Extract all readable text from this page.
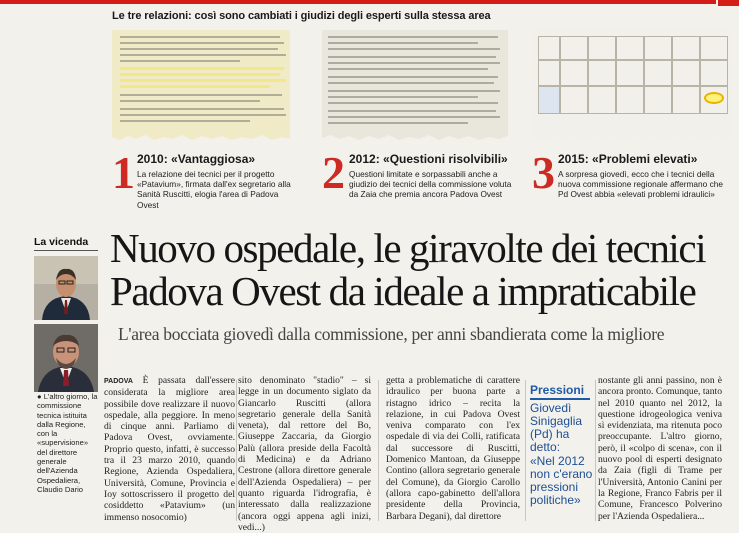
Le tre relazioni: così sono cambiati i giudizi degli esperti sulla stessa area
1 2010: «Vantaggiosa»
La relazione dei tecnici per il progetto «Patavium», firmata dall'ex segretario alla Sanità Ruscitti, elogia l'area di Padova Ovest
2 2012: «Questioni risolvibili»
Questioni limitate e sorpassabili anche a giudizio dei tecnici della commissione voluta da Zaia che premia ancora Padova Ovest 3 2015: «Problemi elevati»
A sorpresa giovedì, ecco che i tecnici della nuova commissione regionale affermano che Pd Ovest abbia «elevati problemi idraulici»
La vicenda
● L'altro giorno, la commissione tecnica istituita dalla Regione, con la «supervisione» del direttore generale dell'Azienda Ospedaliera, Claudio Dario
Nuovo ospedale, le giravolte dei tecnici
Padova Ovest da ideale a impraticabile
L'area bocciata giovedì dalla commissione, per anni sbandierata come la migliore
PADOVA È passata dall'essere considerata la migliore area possibile dove realizzare il nuovo ospedale, alla peggiore. In meno di cinque anni. Parliamo di Padova Ovest, ovviamente. Proprio questo, infatti, è successo tra il 23 marzo 2010, quando Regione, Azienda Ospedaliera, Università, Comune, Provincia e Ioy sottoscrissero il progetto del cosiddetto «Patavium» (un immenso nosocomio)
sito denominato "stadio" – si legge in un documento siglato da Giancarlo Ruscitti (allora segretario generale della Sanità veneta), dal rettore del Bo, Giuseppe Zaccaria, da Giorgio Palù (allora preside della Facoltà di Medicina) e da Adriano Cestrone (allora direttore generale dell'Azienda Ospedaliera) – per quanto riguarda l'idrografia, è interessato dalla realizzazione (ancora oggi appena agli inizi, vedi...)
getta a problematiche di carattere idraulico per buona parte a ristagno idrico – recita la relazione, in cui Padova Ovest veniva comparato con l'ex ospedale di via dei Colli, ratificata dal successore di Ruscitti, Domenico Mantoan, da Giuseppe Contino (allora segretario generale del Comune), da Giorgio Carollo (allora capo-gabinetto dell'allora presidente della Provincia, Barbara Degani), dal direttore
Pressioni
Giovedì Sinigaglia (Pd) ha detto:
«Nel 2012 non c'erano pressioni politiche»
nostante gli anni passino, non è ancora pronto. Comunque, tanto nel 2010 quanto nel 2012, la questione idrogeologica veniva sì evidenziata, ma ritenuta poco preoccupante. L'altro giorno, però, il «colpo di scena», con il nuovo pool di esperti designato da Zaia (figli di Trame per l'Università, Antonio Canini per la Regione, Franco Fabris per il Comune, Francesco Polverino per l'Azienda Ospedaliera...
